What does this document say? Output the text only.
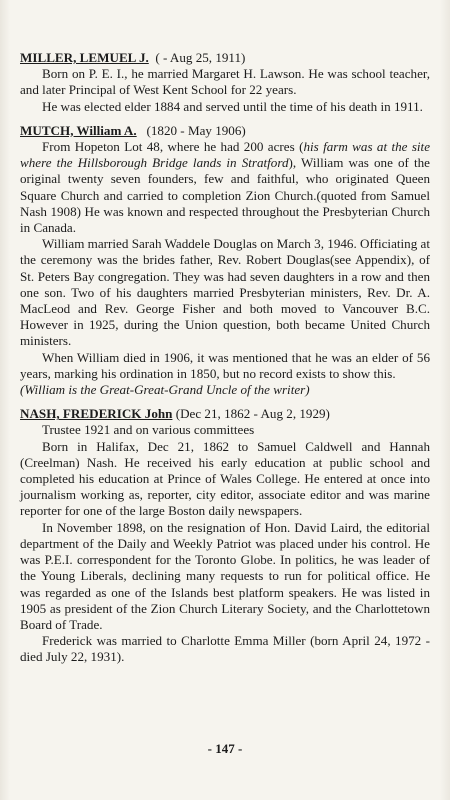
MILLER, LEMUEL J. ( - Aug 25, 1911)

Born on P. E. I., he married Margaret H. Lawson. He was school teacher, and later Principal of West Kent School for 22 years.

He was elected elder 1884 and served until the time of his death in 1911.

MUTCH, William A. (1820 - May 1906)

From Hopeton Lot 48, where he had 200 acres (his farm was at the site where the Hillsborough Bridge lands in Stratford), William was one of the original twenty seven founders, few and faithful, who originated Queen Square Church and carried to completion Zion Church.(quoted from Samuel Nash 1908) He was known and respected throughout the Presbyterian Church in Canada.

William married Sarah Waddele Douglas on March 3, 1946. Officiating at the ceremony was the brides father, Rev. Robert Douglas(see Appendix), of St. Peters Bay congregation. They was had seven daughters in a row and then one son. Two of his daughters married Presbyterian ministers, Rev. Dr. A. MacLeod and Rev. George Fisher and both moved to Vancouver B.C. However in 1925, during the Union question, both became United Church ministers.

When William died in 1906, it was mentioned that he was an elder of 56 years, marking his ordination in 1850, but no record exists to show this.

(William is the Great-Great-Grand Uncle of the writer)

NASH, FREDERICK John (Dec 21, 1862 - Aug 2, 1929)

Trustee 1921 and on various committees

Born in Halifax, Dec 21, 1862 to Samuel Caldwell and Hannah (Creelman) Nash. He received his early education at public school and completed his education at Prince of Wales College. He entered at once into journalism working as, reporter, city editor, associate editor and was marine reporter for one of the large Boston daily newspapers.

In November 1898, on the resignation of Hon. David Laird, the editorial department of the Daily and Weekly Patriot was placed under his control. He was P.E.I. correspondent for the Toronto Globe. In politics, he was leader of the Young Liberals, declining many requests to run for political office. He was regarded as one of the Islands best platform speakers. He was listed in 1905 as president of the Zion Church Literary Society, and the Charlottetown Board of Trade.

Frederick was married to Charlotte Emma Miller (born April 24, 1972 - died July 22, 1931).

- 147 -
